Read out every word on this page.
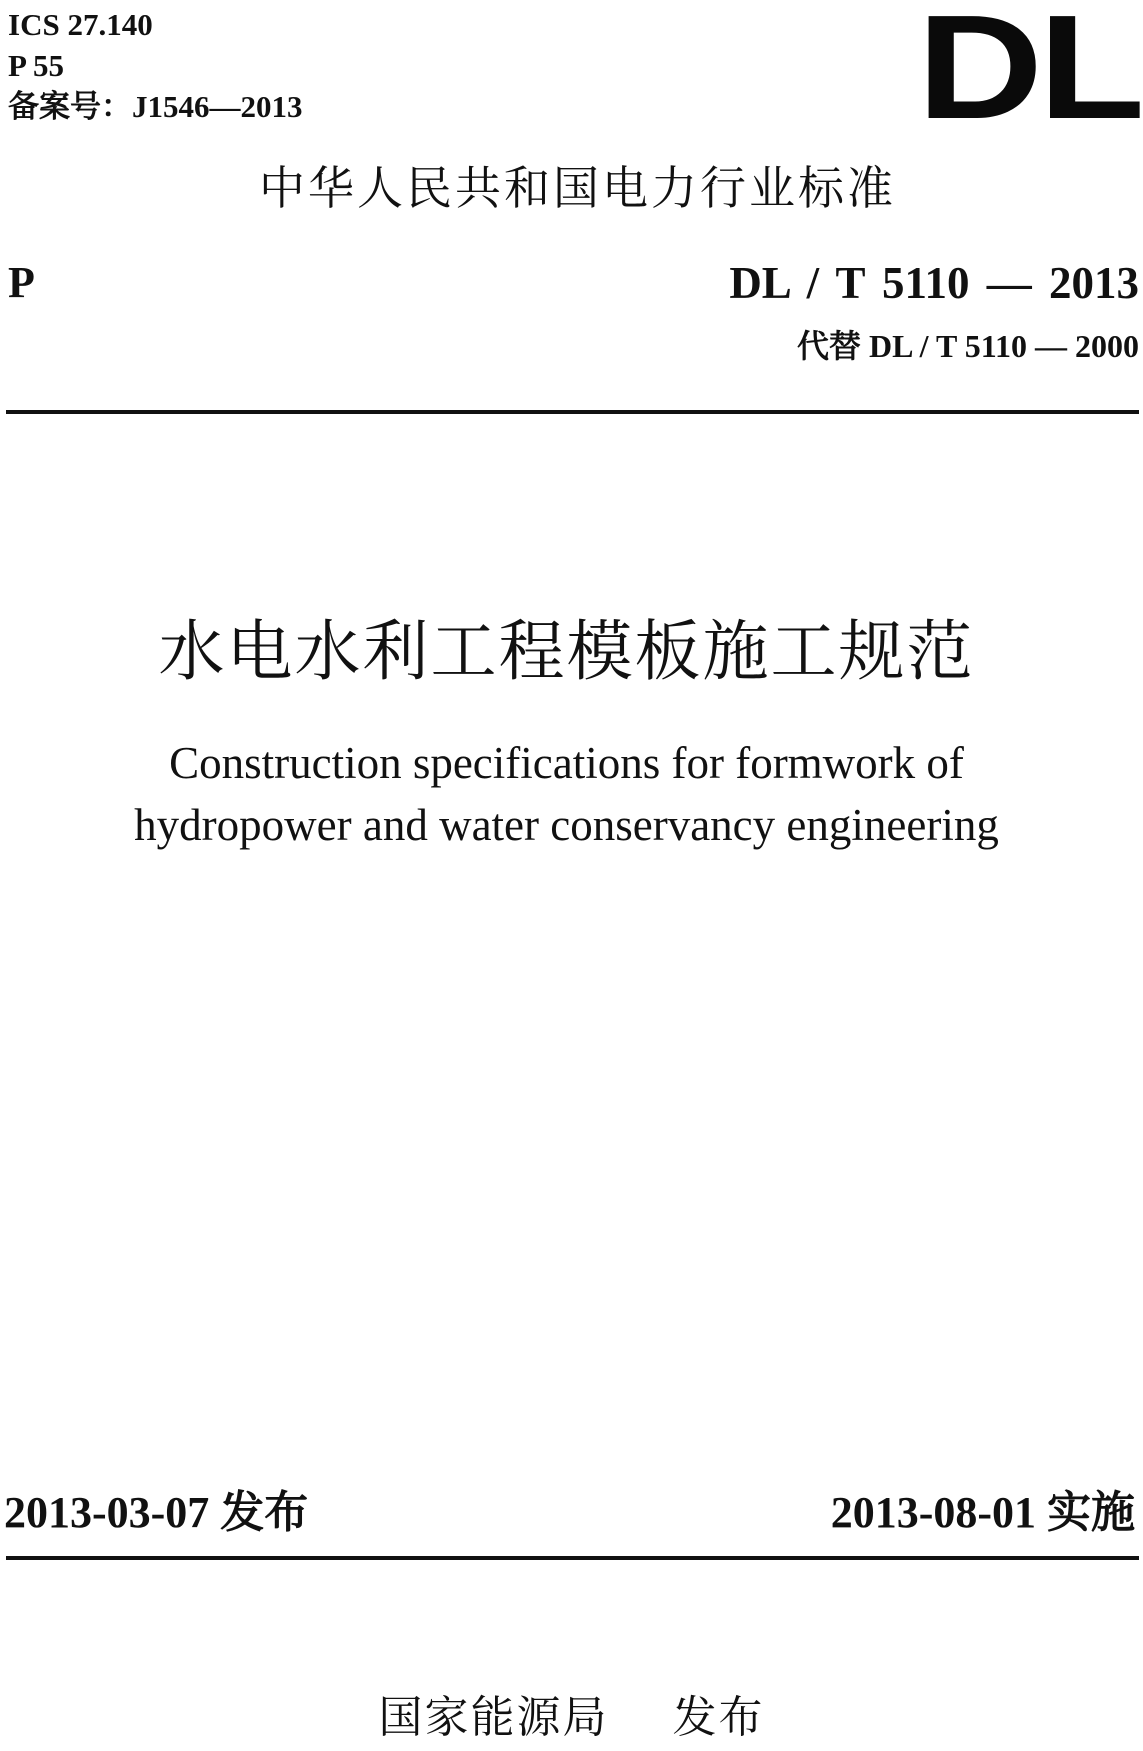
ICS 27.140
P 55
备案号：J1546—2013	DL
中华人民共和国电力行业标准
P	DL / T 5110 — 2013
代替 DL / T 5110 — 2000
水电水利工程模板施工规范
Construction specifications for formwork of
hydropower and water conservancy engineering
2013-03-07 发布	2013-08-01 实施
国家能源局    发布
